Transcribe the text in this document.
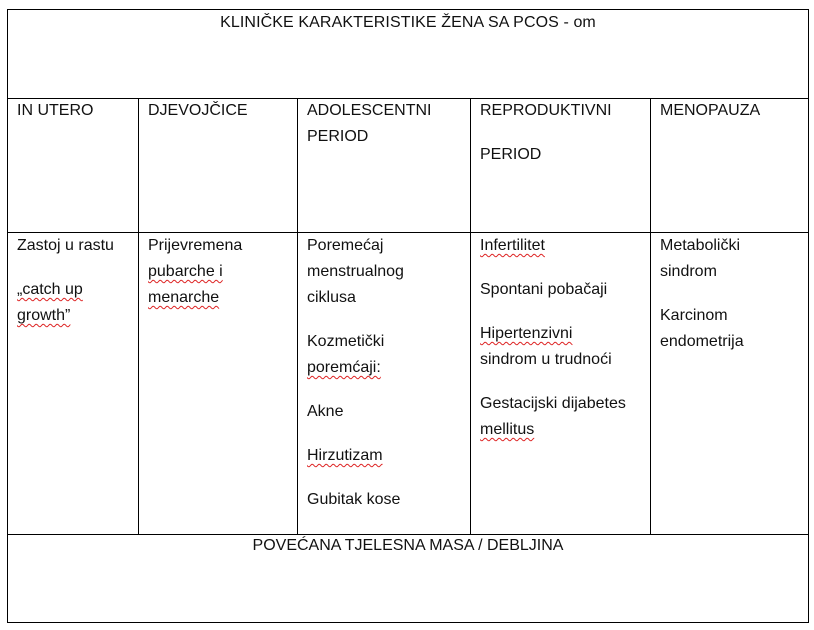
KLINIČKE KARAKTERISTIKE ŽENA SA PCOS - om

IN UTERO	DJEVOJČICE	ADOLESCENTNI

PERIOD

REPRODUKTIVNI

PERIOD

MENOPAUZA

Zastoj u rastu

„catch up

growth”

Prijevremena

pubarche i

menarche

Poremećaj

menstrualnog

ciklusa

Kozmetički

poremćaji:

Akne

Hirzutizam

Gubitak kose

Infertilitet

Spontani pobačaji

Hipertenzivni

sindrom u trudnoći

Gestacijski dijabetes

mellitus

Metabolički

sindrom

Karcinom

endometrija

POVEĆANA TJELESNA MASA / DEBLJINA
